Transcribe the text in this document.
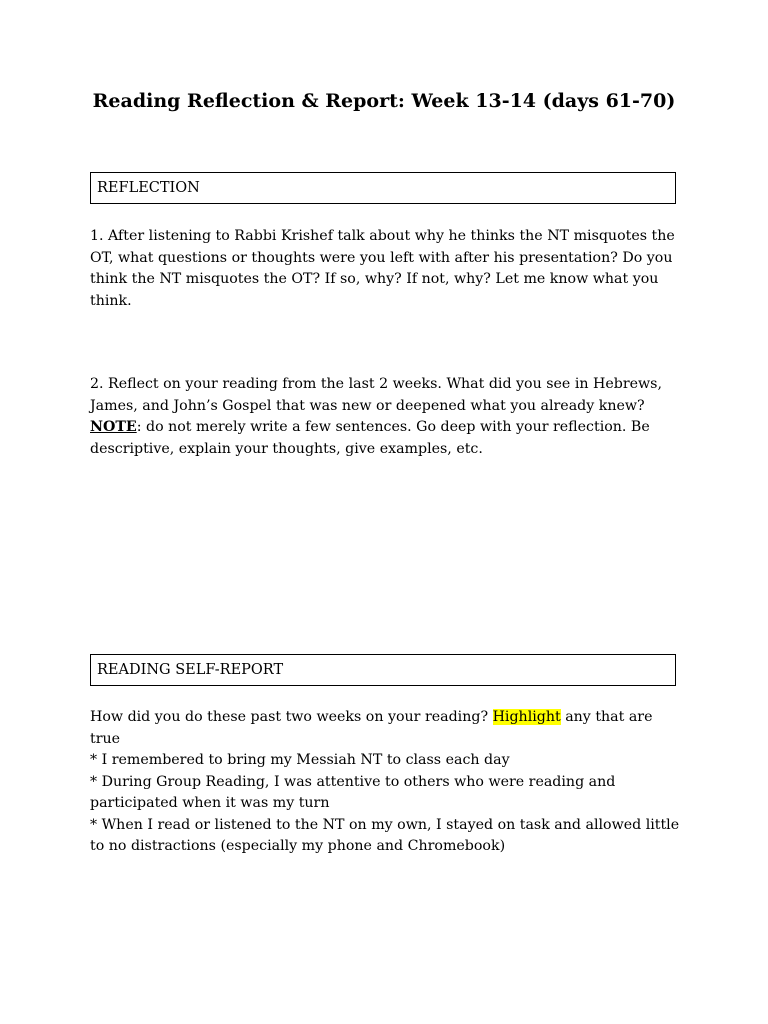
Reading Reflection & Report: Week 13-14 (days 61-70)
REFLECTION

1. After listening to Rabbi Krishef talk about why he thinks the NT misquotes the OT, what questions or thoughts were you left with after his presentation? Do you think the NT misquotes the OT? If so, why? If not, why? Let me know what you think.

2. Reflect on your reading from the last 2 weeks. What did you see in Hebrews, James, and John’s Gospel that was new or deepened what you already knew?
NOTE: do not merely write a few sentences. Go deep with your reflection. Be descriptive, explain your thoughts, give examples, etc.
READING SELF-REPORT

How did you do these past two weeks on your reading? Highlight any that are true

* I remembered to bring my Messiah NT to class each day
* During Group Reading, I was attentive to others who were reading and participated when it was my turn
* When I read or listened to the NT on my own, I stayed on task and allowed little to no distractions (especially my phone and Chromebook)
